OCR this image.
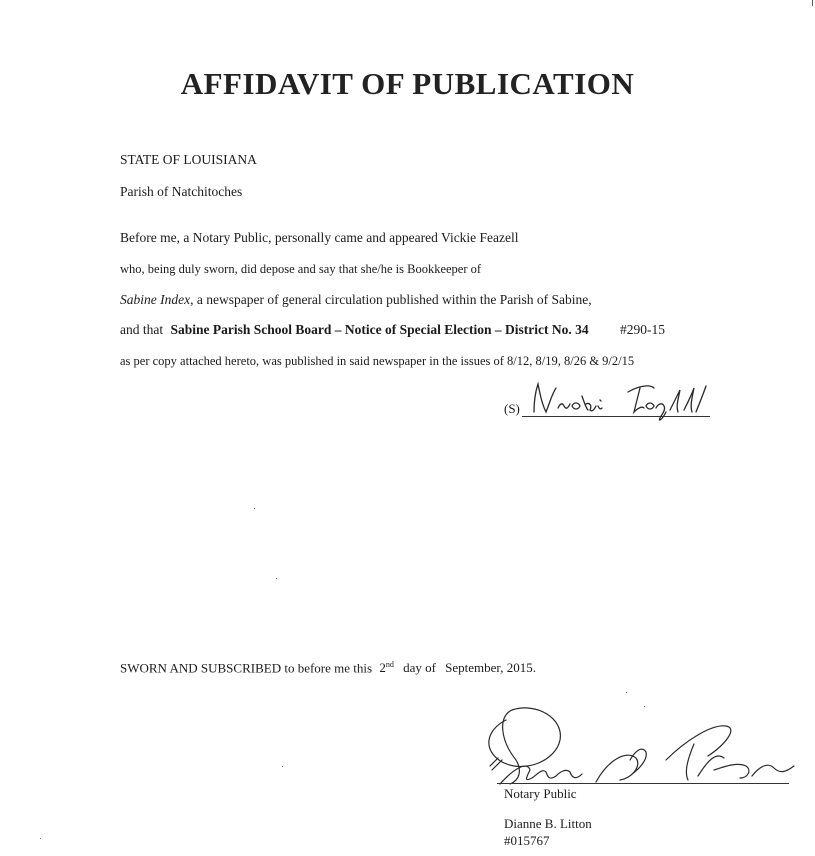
AFFIDAVIT OF PUBLICATION
STATE OF LOUISIANA
Parish of Natchitoches
Before me, a Notary Public, personally came and appeared Vickie Feazell
who, being duly sworn, did depose and say that she/he is Bookkeeper of
Sabine Index, a newspaper of general circulation published within the Parish of Sabine,
and that Sabine Parish School Board – Notice of Special Election – District No. 34 #290-15
as per copy attached hereto, was published in said newspaper in the issues of 8/12, 8/19, 8/26 & 9/2/15
(S)
SWORN AND SUBSCRIBED to before me this 2nd day of September, 2015.
Notary Public
Dianne B. Litton
#015767
